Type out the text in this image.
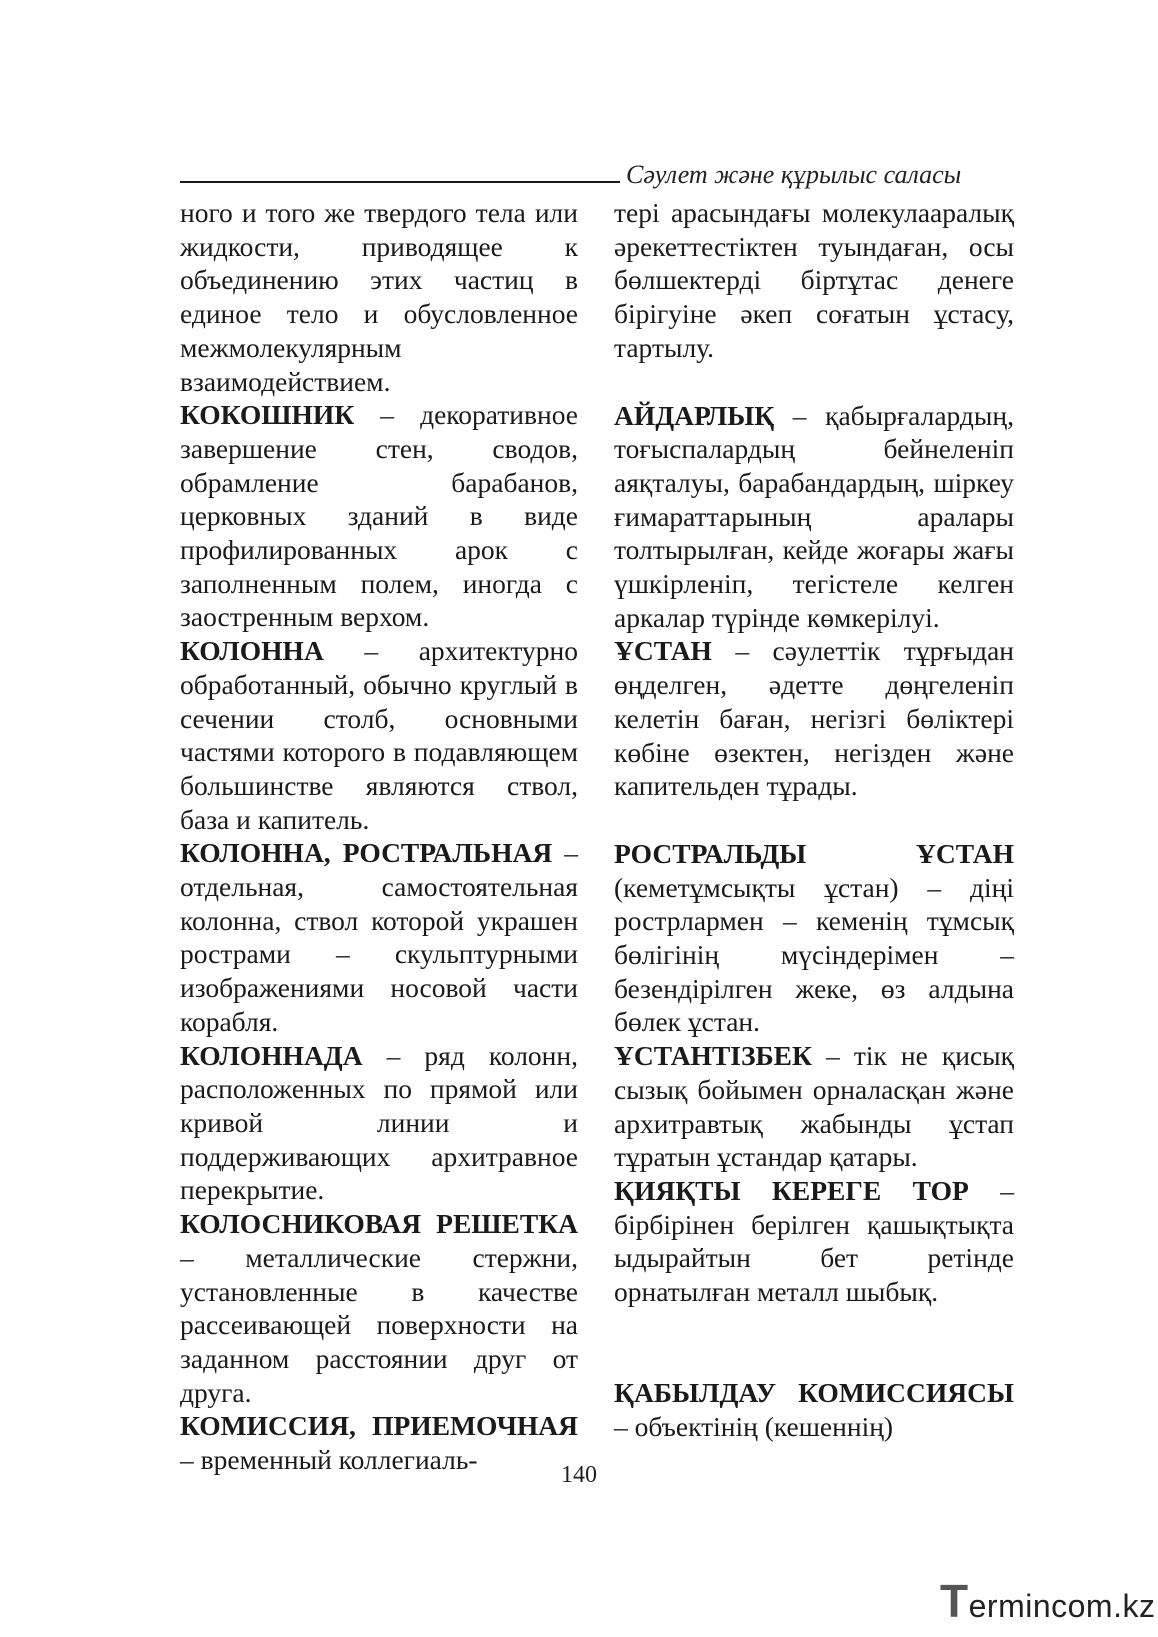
Сәулет және құрылыс саласы
ного и того же твердого тела или жидкости, приводящее к объединению этих частиц в единое тело и обусловленное межмолекулярным взаимодействием.
КОКОШНИК – декоративное завершение стен, сводов, обрамление барабанов, церковных зданий в виде профилированных арок с заполненным полем, иногда с заостренным верхом.
КОЛОННА – архитектурно обработанный, обычно круглый в сечении столб, основными частями которого в подавляющем большинстве являются ствол, база и капитель.
КОЛОННА, РОСТРАЛЬНАЯ – отдельная, самостоятельная колонна, ствол которой украшен рострами – скульптурными изображениями носовой части корабля.
КОЛОННАДА – ряд колонн, расположенных по прямой или кривой линии и поддерживающих архитравное перекрытие.
КОЛОСНИКОВАЯ РЕШЕТКА – металлические стержни, установленные в качестве рассеивающей поверхности на заданном расстоянии друг от друга.
КОМИССИЯ, ПРИЕМОЧНАЯ – временный коллегиаль-
тері арасындағы молекулааралық әрекеттестіктен туындаған, осы бөлшектерді біртұтас денеге бірігуіне әкеп соғатын ұстасу, тартылу.
АЙДАРЛЫҚ – қабырғалардың, тоғыспалардың бейнеленіп аяқталуы, барабандардың, шіркеу ғимараттарының аралары толтырылған, кейде жоғары жағы үшкірленіп, тегістеле келген аркалар түрінде көмкерілуі.
ҰСТАН – сәулеттік тұрғыдан өңделген, әдетте дөңгеленіп келетін баған, негізгі бөліктері көбіне өзектен, негізден және капительден тұрады.
РОСТРАЛЬДЫ ҰСТАН (кеметұмсықты ұстан) – діңі рострлармен – кеменің тұмсық бөлігінің мүсіндерімен – безендірілген жеке, өз алдына бөлек ұстан.
ҰСТАНТІЗБЕК – тік не қисық сызық бойымен орналасқан және архитравтық жабынды ұстап тұратын ұстандар қатары.
ҚИЯҚТЫ КЕРЕГЕ ТОР – бірбірінен берілген қашықтықта ыдырайтын бет ретінде орнатылған металл шыбық.
ҚАБЫЛДАУ КОМИССИЯСЫ – объектінің (кешеннің)
140
Termincom.kz
